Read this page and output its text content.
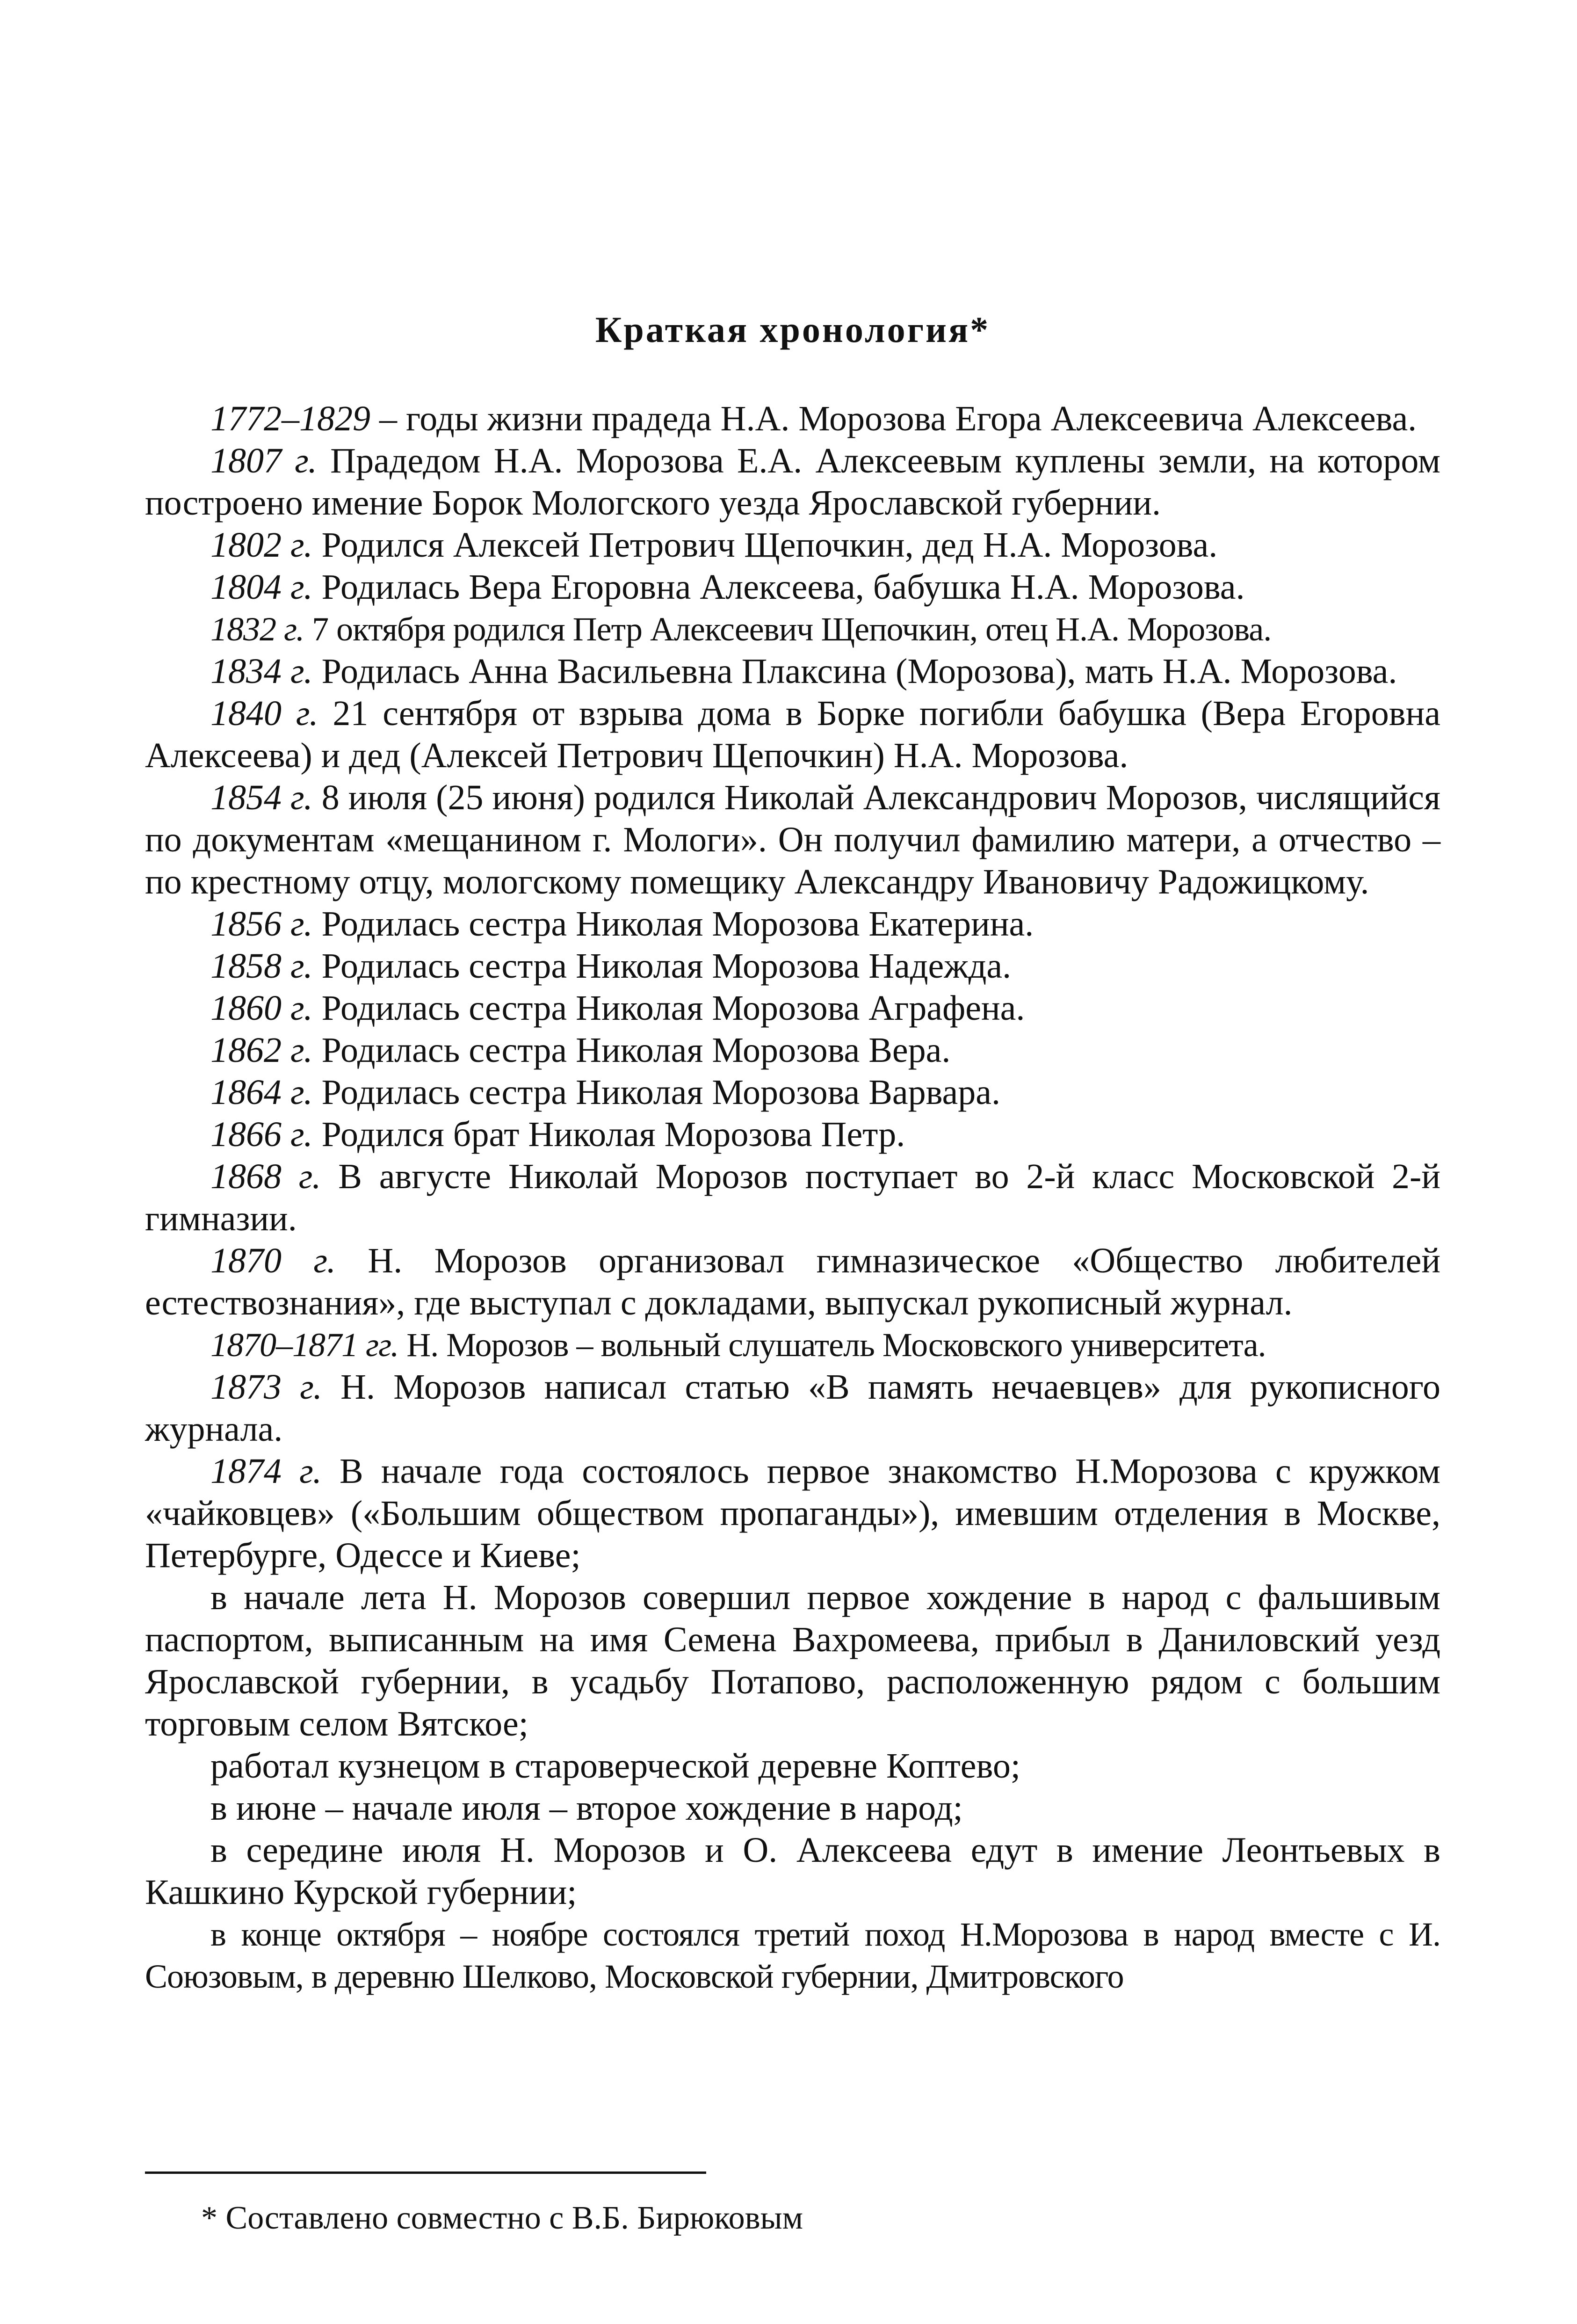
Краткая хронология*

1772–1829 – годы жизни прадеда Н.А. Морозова Егора Алексеевича Алексеева.

1807 г. Прадедом Н.А. Морозова Е.А. Алексеевым куплены земли, на котором построено имение Борок Мологского уезда Ярославской губернии.

1802 г. Родился Алексей Петрович Щепочкин, дед Н.А. Морозова.

1804 г. Родилась Вера Егоровна Алексеева, бабушка Н.А. Морозова.

1832 г. 7 октября родился Петр Алексеевич Щепочкин, отец Н.А. Морозова.

1834 г. Родилась Анна Васильевна Плаксина (Морозова), мать Н.А. Морозова.

1840 г. 21 сентября от взрыва дома в Борке погибли бабушка (Вера Егоровна Алексеева) и дед (Алексей Петрович Щепочкин) Н.А. Морозова.

1854 г. 8 июля (25 июня) родился Николай Александрович Морозов, числящийся по документам «мещанином г. Мологи». Он получил фамилию матери, а отчество – по крестному отцу, мологскому помещику Александру Ивановичу Радожицкому.

1856 г. Родилась сестра Николая Морозова Екатерина.

1858 г. Родилась сестра Николая Морозова Надежда.

1860 г. Родилась сестра Николая Морозова Аграфена.

1862 г. Родилась сестра Николая Морозова Вера.

1864 г. Родилась сестра Николая Морозова Варвара.

1866 г. Родился брат Николая Морозова Петр.

1868 г. В августе Николай Морозов поступает во 2-й класс Московской 2-й гимназии.

1870 г. Н. Морозов организовал гимназическое «Общество любителей естествознания», где выступал с докладами, выпускал рукописный журнал.

1870–1871 гг. Н. Морозов – вольный слушатель Московского университета.

1873 г. Н. Морозов написал статью «В память нечаевцев» для рукописного журнала.

1874 г. В начале года состоялось первое знакомство Н.Морозова с кружком «чайковцев» («Большим обществом пропаганды»), имевшим отделения в Москве, Петербурге, Одессе и Киеве;

в начале лета Н. Морозов совершил первое хождение в народ с фальшивым паспортом, выписанным на имя Семена Вахромеева, прибыл в Даниловский уезд Ярославской губернии, в усадьбу Потапово, расположенную рядом с большим торговым селом Вятское;

работал кузнецом в староверческой деревне Коптево;

в июне – начале июля – второе хождение в народ;

в середине июля Н. Морозов и О. Алексеева едут в имение Леонтьевых в Кашкино Курской губернии;

в конце октября – ноябре состоялся третий поход Н.Морозова в народ вместе с И. Союзовым, в деревню Шелково, Московской губернии, Дмитровского

* Составлено совместно с В.Б. Бирюковым
